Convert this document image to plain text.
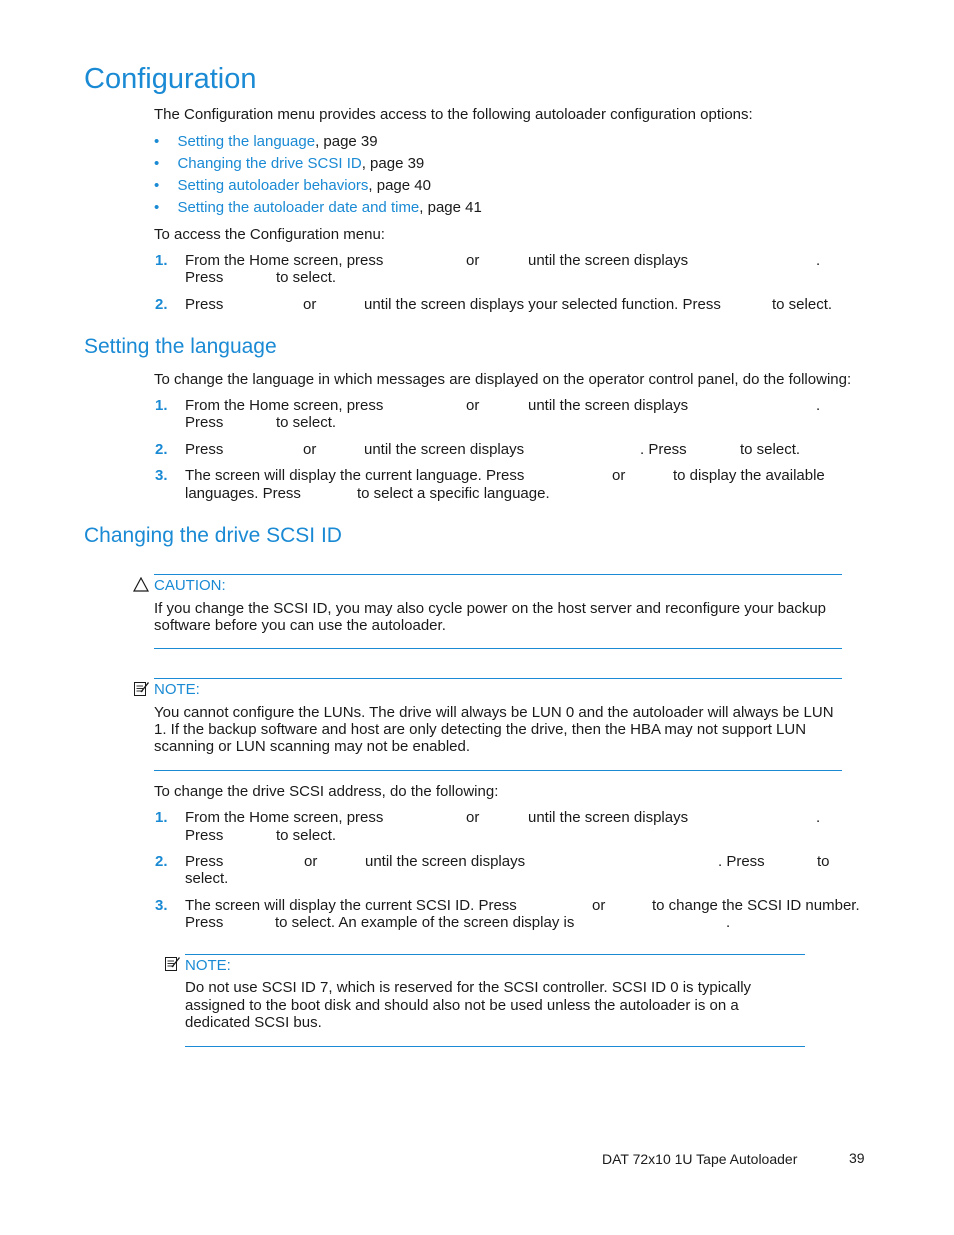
Configuration
The Configuration menu provides access to the following autoloader configuration options:
• Setting the language, page 39
• Changing the drive SCSI ID, page 39
• Setting autoloader behaviors, page 40
• Setting the autoloader date and time, page 41
To access the Configuration menu:
1. From the Home screen, press	or	until the screen displays	.
Press	to select.
2. Press	or	until the screen displays your selected function. Press	to select.
Setting the language
To change the language in which messages are displayed on the operator control panel, do the following:
1. From the Home screen, press	or	until the screen displays	.
Press	to select.
2. Press	or	until the screen displays	. Press	to select.
3. The screen will display the current language. Press	or	to display the available
languages. Press	to select a specific language.
Changing the drive SCSI ID
CAUTION:
If you change the SCSI ID, you may also cycle power on the host server and reconfigure your backup
software before you can use the autoloader.
NOTE:
You cannot configure the LUNs. The drive will always be LUN 0 and the autoloader will always be LUN
1. If the backup software and host are only detecting the drive, then the HBA may not support LUN
scanning or LUN scanning may not be enabled.
To change the drive SCSI address, do the following:
1. From the Home screen, press	or	until the screen displays	.
Press	to select.
2. Press	or	until the screen displays	. Press	to
select.
3. The screen will display the current SCSI ID. Press	or	to change the SCSI ID number.
Press	to select. An example of the screen display is	.
NOTE:
Do not use SCSI ID 7, which is reserved for the SCSI controller. SCSI ID 0 is typically
assigned to the boot disk and should also not be used unless the autoloader is on a
dedicated SCSI bus.
DAT 72x10 1U Tape Autoloader	39
